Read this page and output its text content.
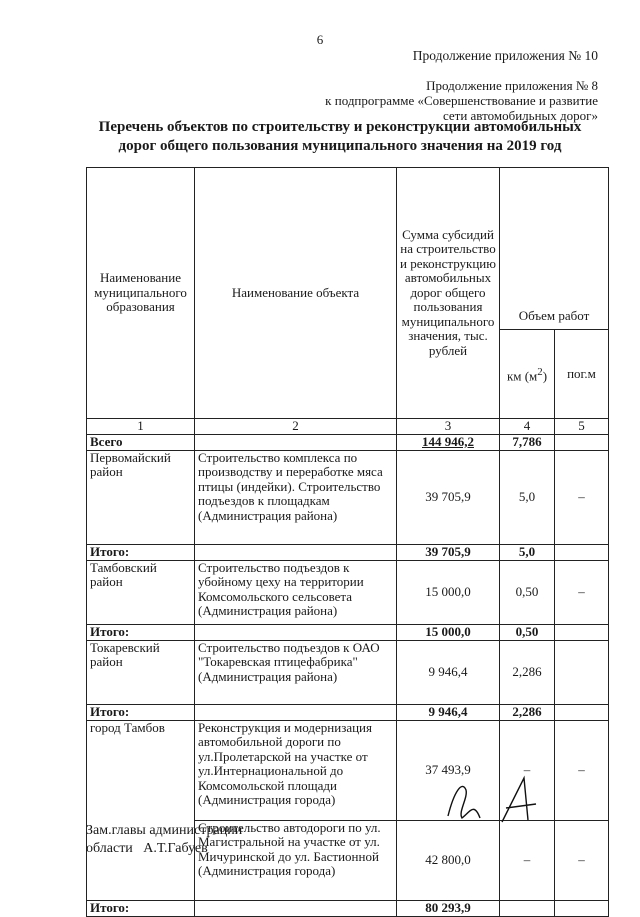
6
Продолжение приложения № 10
Продолжение приложения № 8
к подпрограмме «Совершенствование и развитие
сети автомобильных дорог»
Перечень объектов по строительству и реконструкции автомобильных
дорог общего пользования муниципального значения на 2019 год
Наименование муниципального образования	Наименование объекта	Сумма субсидий на строительство и реконструкцию автомобильных дорог общего пользования муниципального значения, тыс. рублей	Объем работ	
			км $(м^2)$	пог.м
1	2	3	4	5
Всего		144 946,2	7,786	
Первомайский район	Строительство комплекса по производству и переработке мяса птицы (индейки). Строительство подъездов к площадкам (Администрация района)	39 705,9	5,0	–
Итого:		39 705,9	5,0	
Тамбовский район	Строительство подъездов к убойному цеху на территории Комсомольского сельсовета (Администрация района)	15 000,0	0,50	–
Итого:		15 000,0	0,50	
Токаревский район	Строительство подъездов к ОАО "Токаревская птицефабрика" (Администрация района)	9 946,4	2,286	
Итого:		9 946,4	2,286	
город Тамбов	Реконструкция и модернизация автомобильной дороги по ул.Пролетарской на участке от ул.Интернациональной до Комсомольской площади (Администрация города)	37 493,9	–	–
	Строительство автодороги по ул. Магистральной на участке от ул. Мичуринской до ул. Бастионной (Администрация города)	42 800,0	–	–
Итого:		80 293,9		
Зам.главы администрации
области   А.Т.Габуев
